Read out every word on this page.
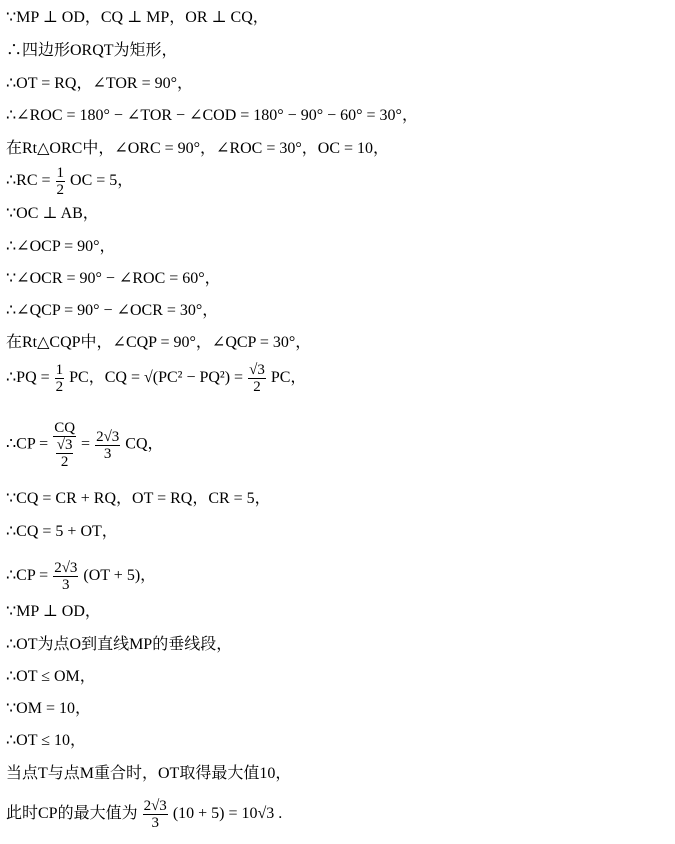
∵MP ⊥ OD，CQ ⊥ MP，OR ⊥ CQ，
∴四边形ORQT为矩形，
∴OT = RQ，∠TOR = 90°，
∴∠ROC = 180° − ∠TOR − ∠COD = 180° − 90° − 60° = 30°，
在Rt△ORC中，∠ORC = 90°，∠ROC = 30°，OC = 10，
∴RC = $\frac{1}{2}$ OC = 5，
∵OC ⊥ AB，
∴∠OCP = 90°，
∵∠OCR = 90° − ∠ROC = 60°，
∴∠QCP = 90° − ∠OCR = 30°，
在Rt△CQP中，∠CQP = 90°，∠QCP = 30°，
∴PQ = $\frac{1}{2}$ PC，CQ = $√(PC^2 - PQ^2) = \frac{√3}{2}$ PC，
∴CP = $\frac{CQ}{\frac{√3}{2}} = \frac{2√3}{3}$ CQ，
∵CQ = CR + RQ，OT = RQ，CR = 5，
∴CQ = 5 + OT，
∴CP = $\frac{2√3}{3} (OT + 5)$，
∵MP ⊥ OD，
∴OT为点O到直线MP的垂线段，
∴OT ≤ OM，
∵OM = 10，
∴OT ≤ 10，
当点T与点M重合时，OT取得最大值10，
此时CP的最大值为 $\frac{2√3}{3} (10 + 5) = 10√3$ .
